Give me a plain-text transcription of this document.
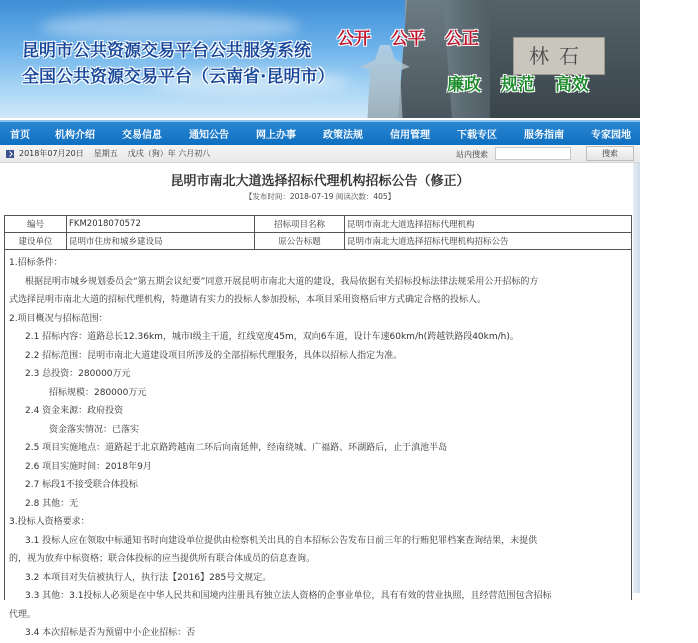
林石
昆明市公共资源交易平台公共服务系统
全国公共资源交易平台（云南省·昆明市）
公开 公平 公正
廉政 规范 高效
首页	机构介绍	交易信息	通知公告	网上办事	政策法规	信用管理	下载专区	服务指南	专家园地	企业信息
2018年07月20日 星期五 戊戌（狗）年 六月初八	站内搜索	搜索
昆明市南北大道选择招标代理机构招标公告（修正）
【发布时间：2018-07-19 阅读次数：405】
编号	FKM2018070572	招标项目名称	昆明市南北大道选择招标代理机构
建设单位	昆明市住房和城乡建设局	原公告标题	昆明市南北大道选择招标代理机构招标公告

1.招标条件：

根据昆明市城乡规划委员会“第五期会议纪要”同意开展昆明市南北大道的建设，我局依据有关招标投标法律法规采用公开招标的方

式选择昆明市南北大道的招标代理机构，特邀请有实力的投标人参加投标，本项目采用资格后审方式确定合格的投标人。

2.项目概况与招标范围：

2.1 招标内容：道路总长12.36km，城市I级主干道，红线宽度45m，双向6车道，设计车速60km/h(跨越铁路段40km/h)。

2.2 招标范围：昆明市南北大道建设项目所涉及的全部招标代理服务，具体以招标人指定为准。

2.3 总投资：280000万元

招标规模：280000万元

2.4 资金来源：政府投资

资金落实情况：已落实

2.5 项目实施地点：道路起于北京路跨越南二环后向南延伸，经南绕城、广福路、环湖路后，止于滇池半岛

2.6 项目实施时间：2018年9月

2.7 标段1不接受联合体投标

2.8 其他：无

3.投标人资格要求：

3.1 投标人应在领取中标通知书时向建设单位提供由检察机关出具的自本招标公告发布日前三年的行贿犯罪档案查询结果，未提供

的，视为放弃中标资格；联合体投标的应当提供所有联合体成员的信息查询。

3.2 本项目对失信被执行人，执行法【2016】285号文规定。

3.3 其他：3.1投标人必须是在中华人民共和国境内注册具有独立法人资格的企事业单位，具有有效的营业执照，且经营范围包含招标

代理。

3.4 本次招标是否为预留中小企业招标：否
